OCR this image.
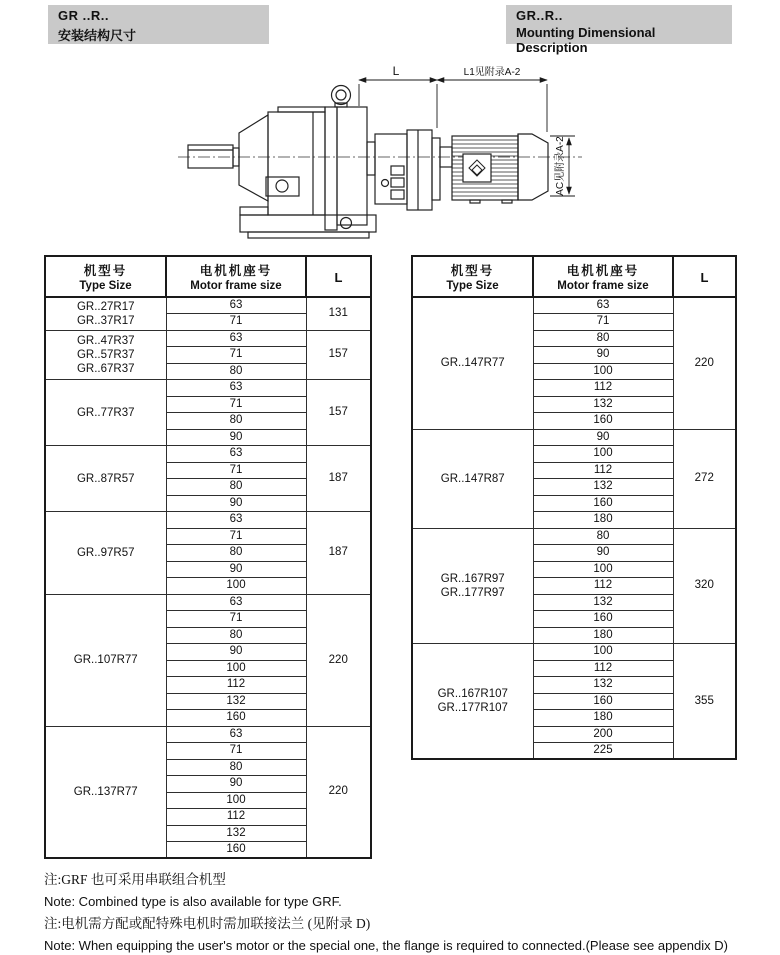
GR ..R..
安装结构尺寸
GR..R..
Mounting Dimensional Description
L	L1见附录A-2
AC见附录A-2
机型号
Type Size

电机机座号
Motor frame size

L

GR..27R17
GR..37R17	63	131
	71	

GR..47R37
GR..57R37
GR..67R37	63	157
	71	
	80	

GR..77R37	63	157
	71	
	80	
	90	

GR..87R57	63	187
	71	
	80	
	90	

GR..97R57	63	187
	71	
	80	
	90	
	100	

GR..107R77	63	220
	71	
	80	
	90	
	100	
	112	
	132	
	160	

GR..137R77	63	220
	71	
	80	
	90	
	100	
	112	
	132	
	160	
机型号
Type Size

电机机座号
Motor frame size

L

GR..147R77	63	220
	71	
	80	
	90	
	100	
	112	
	132	
	160	

GR..147R87	90	272
	100	
	112	
	132	
	160	
	180	

GR..167R97
GR..177R97	80	320
	90	
	100	
	112	
	132	
	160	
	180	

GR..167R107
GR..177R107	100	355
	112	
	132	
	160	
	180	
	200	
	225	
注:GRF 也可采用串联组合机型
Note: Combined type is also available for type GRF.
注:电机需方配或配特殊电机时需加联接法兰 (见附录 D)
Note: When equipping the user's motor or the special one, the flange is required to connected.(Please see appendix D)
